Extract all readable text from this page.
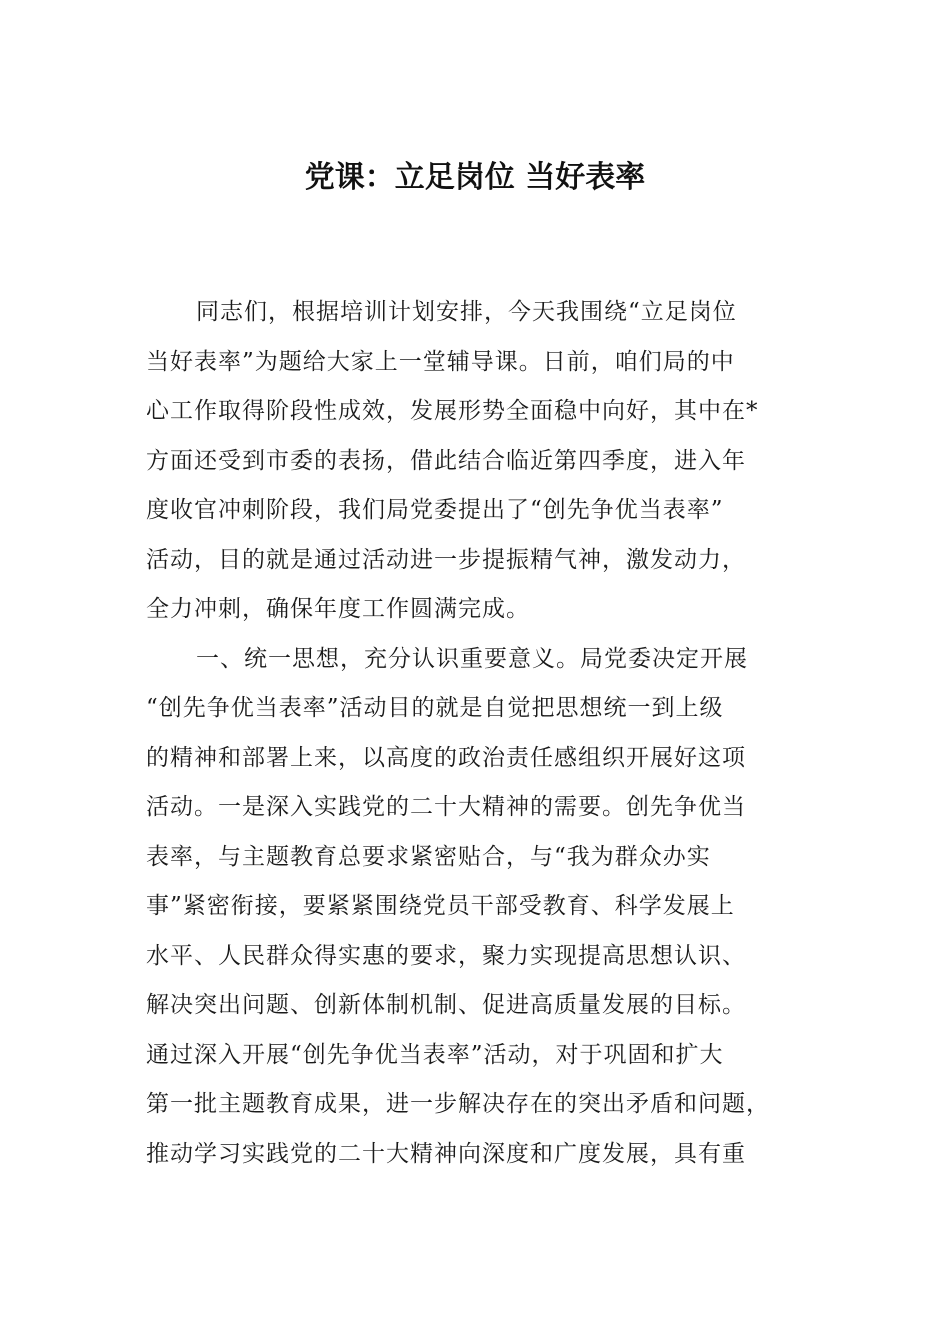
党课：立足岗位 当好表率
同志们，根据培训计划安排，今天我围绕“立足岗位
当好表率”为题给大家上一堂辅导课。日前，咱们局的中
心工作取得阶段性成效，发展形势全面稳中向好，其中在*
方面还受到市委的表扬，借此结合临近第四季度，进入年
度收官冲刺阶段，我们局党委提出了“创先争优当表率”
活动，目的就是通过活动进一步提振精气神，激发动力，
全力冲刺，确保年度工作圆满完成。
一、统一思想，充分认识重要意义。局党委决定开展
“创先争优当表率”活动目的就是自觉把思想统一到上级
的精神和部署上来，以高度的政治责任感组织开展好这项
活动。一是深入实践党的二十大精神的需要。创先争优当
表率，与主题教育总要求紧密贴合，与“我为群众办实
事”紧密衔接，要紧紧围绕党员干部受教育、科学发展上
水平、人民群众得实惠的要求，聚力实现提高思想认识、
解决突出问题、创新体制机制、促进高质量发展的目标。
通过深入开展“创先争优当表率”活动，对于巩固和扩大
第一批主题教育成果，进一步解决存在的突出矛盾和问题，
推动学习实践党的二十大精神向深度和广度发展，具有重
